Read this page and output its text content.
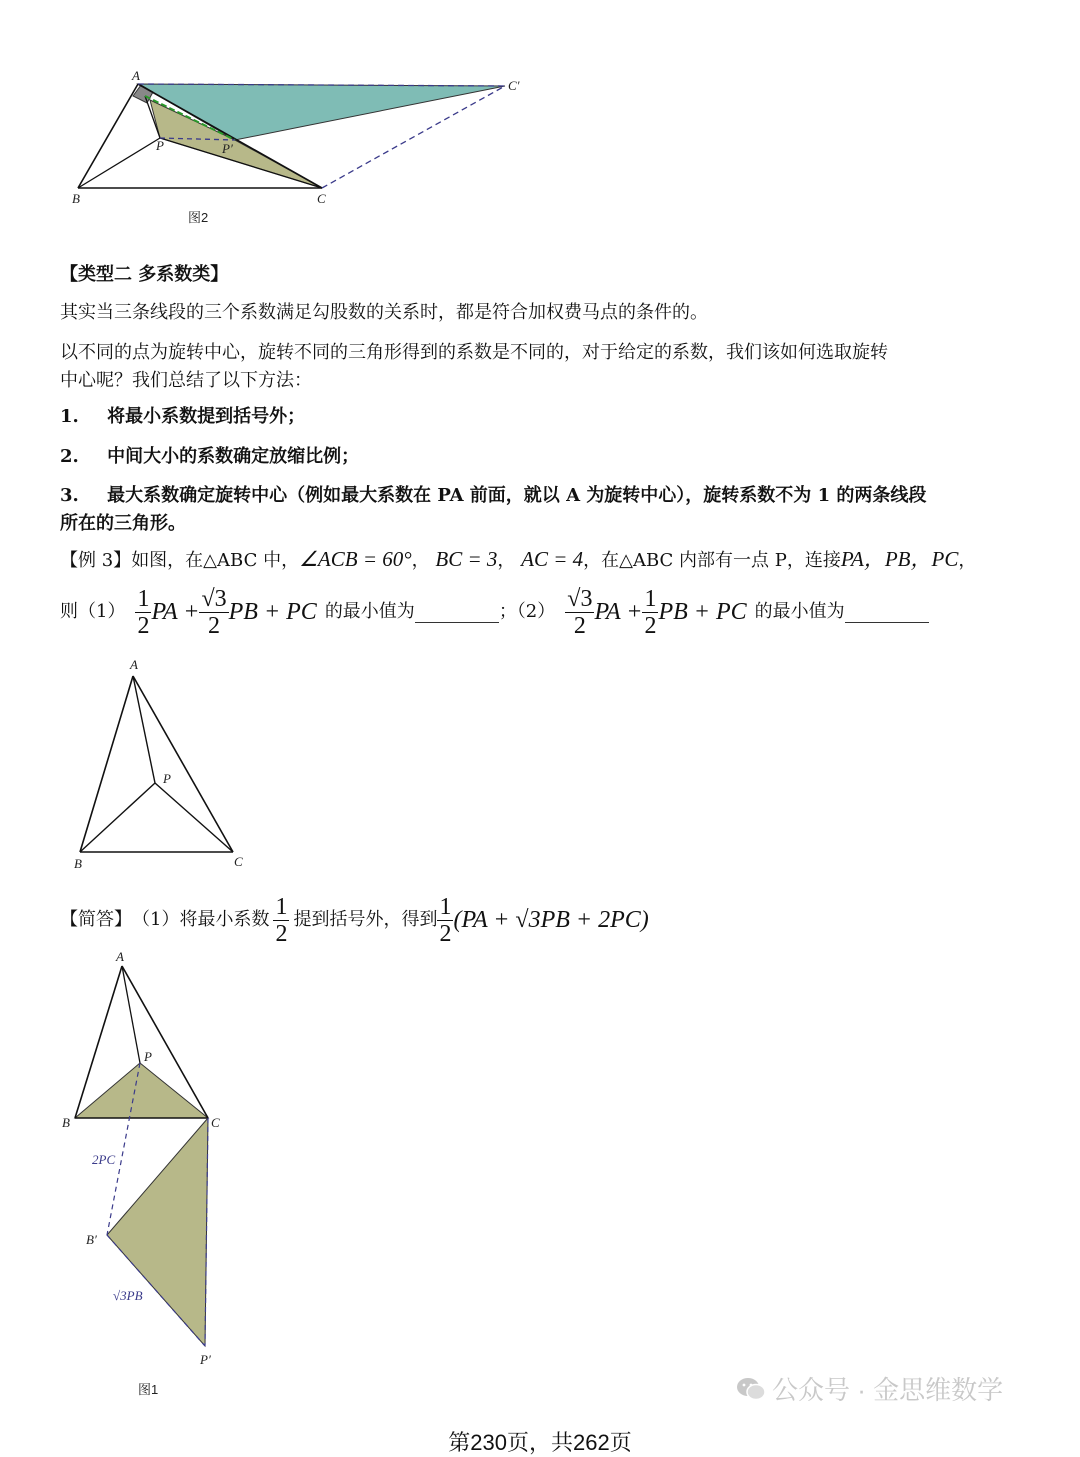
A
B	C
P	P′
C′
图2
【类型二 多系数类】
其实当三条线段的三个系数满足勾股数的关系时，都是符合加权费马点的条件的。
以不同的点为旋转中心，旋转不同的三角形得到的系数是不同的，对于给定的系数，我们该如何选取旋转
中心呢？我们总结了以下方法：
1. 将最小系数提到括号外；
2. 中间大小的系数确定放缩比例；
3. 最大系数确定旋转中心（例如最大系数在 PA 前面，就以 A 为旋转中心），旋转系数不为 1 的两条线段
所在的三角形。
【例 3】如图，在△ABC 中，∠ACB = 60°， BC = 3， AC = 4，在△ABC 内部有一点 P，连接PA，PB，PC，
则$(1) \frac{1}{2}$ PA + $\frac{√3}{2}$ PB + PC 的最小值为	；$(2) \frac{√3}{2}$ PA + $\frac{1}{2}$ PB + PC 的最小值为
A
B	C
P
【简答】 （1）将最小系数 $\frac{1}{2}$ 提到括号外，得到 $\frac{1}{2} (PA + √3PB + 2PC)$
A
P
B	C
2PC
B′
√3PB
P′
图1	公众号 · 金思维数学
第230页，共262页
